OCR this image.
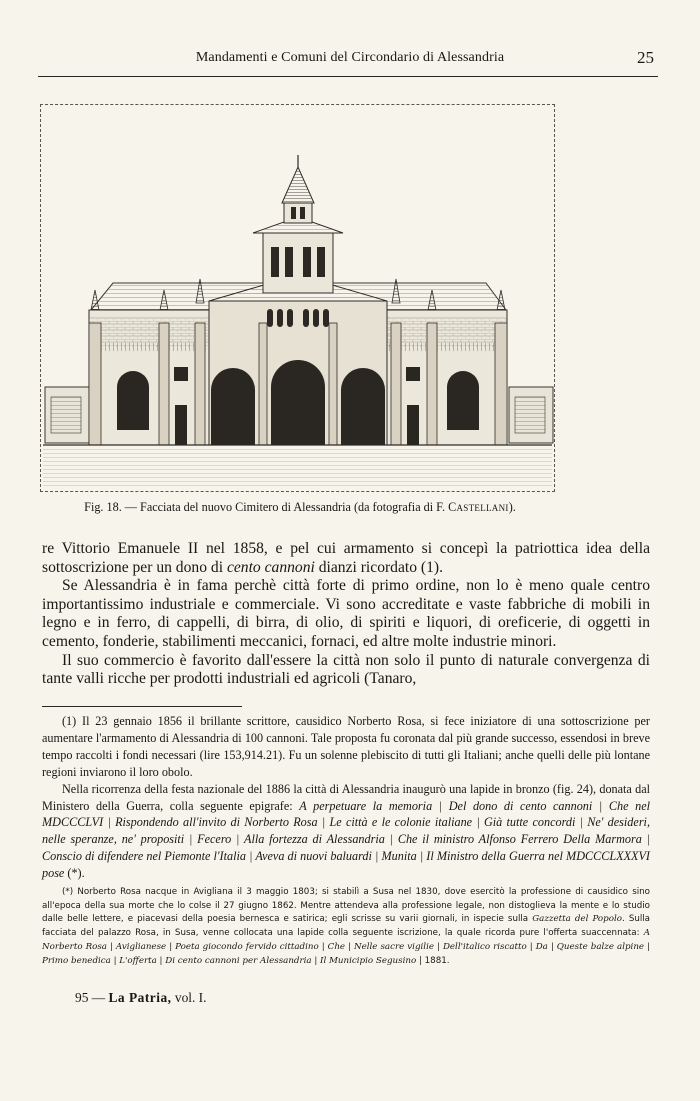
Mandamenti e Comuni del Circondario di Alessandria	25
Fig. 18. — Facciata del nuovo Cimitero di Alessandria (da fotografia di F. Castellani).

re Vittorio Emanuele II nel 1858, e pel cui armamento si concepì la patriottica idea della sottoscrizione per un dono di cento cannoni dianzi ricordato (1).

Se Alessandria è in fama perchè città forte di primo ordine, non lo è meno quale centro importantissimo industriale e commerciale. Vi sono accreditate e vaste fabbriche di mobili in legno e in ferro, di cappelli, di birra, di olio, di spiriti e liquori, di oreficerie, di oggetti in cemento, fonderie, stabilimenti meccanici, fornaci, ed altre molte industrie minori.

Il suo commercio è favorito dall'essere la città non solo il punto di naturale convergenza di tante valli ricche per prodotti industriali ed agricoli (Tanaro,

(1) Il 23 gennaio 1856 il brillante scrittore, causidico Norberto Rosa, si fece iniziatore di una sottoscrizione per aumentare l'armamento di Alessandria di 100 cannoni. Tale proposta fu coronata dal più grande successo, essendosi in breve tempo raccolti i fondi necessari (lire 153,914.21). Fu un solenne plebiscito di tutti gli Italiani; anche quelli delle più lontane regioni inviarono il loro obolo.

Nella ricorrenza della festa nazionale del 1886 la città di Alessandria inaugurò una lapide in bronzo (fig. 24), donata dal Ministero della Guerra, colla seguente epigrafe: A perpetuare la memoria | Del dono di cento cannoni | Che nel MDCCCLVI | Rispondendo all'invito di Norberto Rosa | Le città e le colonie italiane | Già tutte concordi | Ne' desideri, nelle speranze, ne' propositi | Fecero | Alla fortezza di Alessandria | Che il ministro Alfonso Ferrero Della Marmora | Conscio di difendere nel Piemonte l'Italia | Aveva di nuovi baluardi | Munita | Il Ministro della Guerra nel MDCCCLXXXVI pose (*).

(*) Norberto Rosa nacque in Avigliana il 3 maggio 1803; si stabilì a Susa nel 1830, dove esercitò la professione di causidico sino all'epoca della sua morte che lo colse il 27 giugno 1862. Mentre attendeva alla professione legale, non distoglieva la mente e lo studio dalle belle lettere, e piacevasi della poesia bernesca e satirica; egli scrisse su varii giornali, in ispecie sulla Gazzetta del Popolo. Sulla facciata del palazzo Rosa, in Susa, venne collocata una lapide colla seguente iscrizione, la quale ricorda pure l'offerta suaccennata: A Norberto Rosa | Aviglianese | Poeta giocondo fervido cittadino | Che | Nelle sacre vigilie | Dell'italico riscatto | Da | Queste balze alpine | Primo benedica | L'offerta | Di cento cannoni per Alessandria | Il Municipio Segusino | 1881.

95 — La Patria, vol. I.
